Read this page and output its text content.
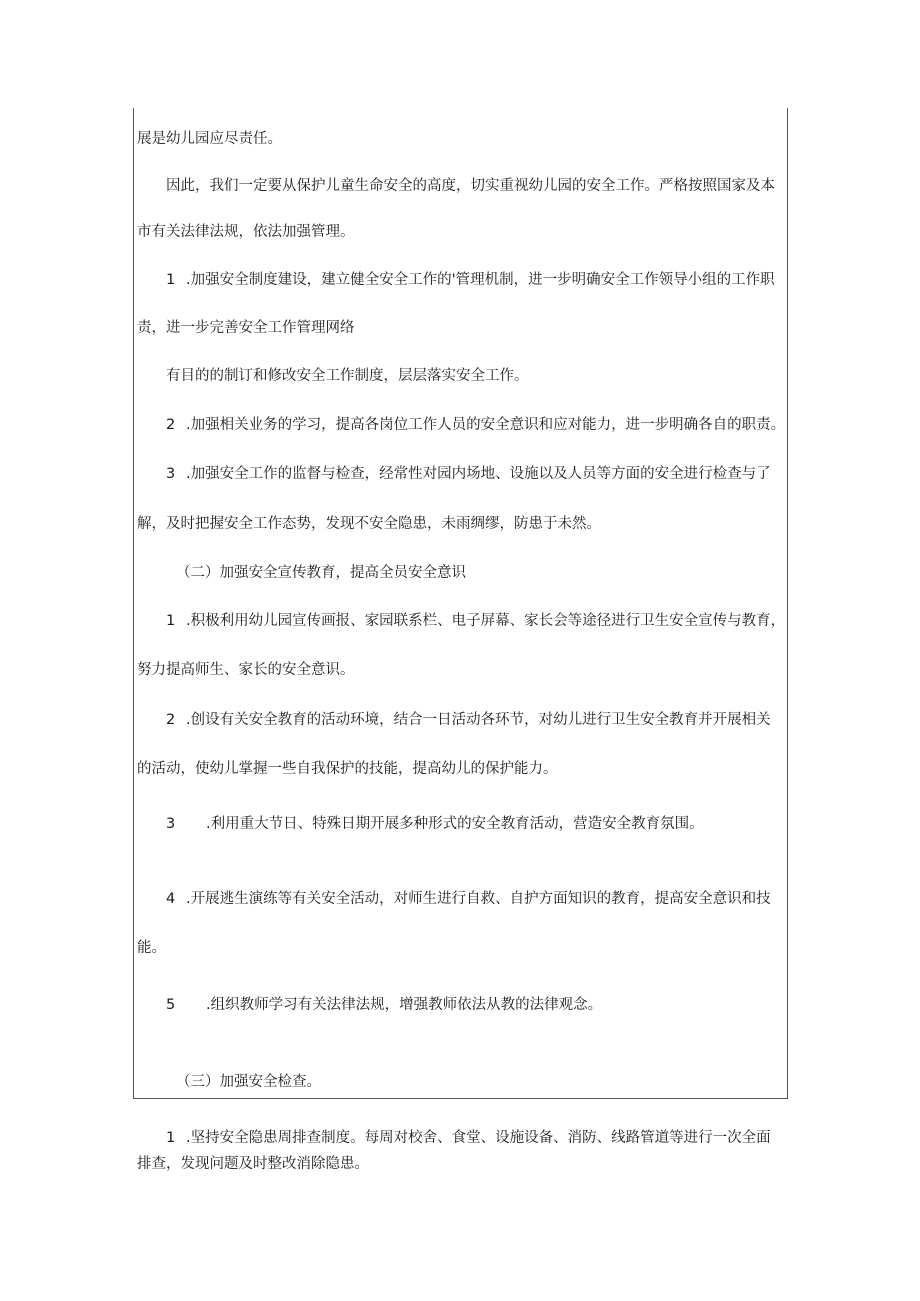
1
2
3
1
2
3
4
5
1
展是幼儿园应尽责任。
因此，我们一定要从保护儿童生命安全的高度，切实重视幼儿园的安全工作。严格按照国家及本
市有关法律法规，依法加强管理。
.加强安全制度建设，建立健全安全工作的'管理机制，进一步明确安全工作领导小组的工作职
责，进一步完善安全工作管理网络
有目的的制订和修改安全工作制度，层层落实安全工作。
.加强相关业务的学习，提高各岗位工作人员的安全意识和应对能力，进一步明确各自的职责。
.加强安全工作的监督与检查，经常性对园内场地、设施以及人员等方面的安全进行检查与了
解，及时把握安全工作态势，发现不安全隐患，未雨绸缪，防患于未然。
（二）加强安全宣传教育，提高全员安全意识
.积极利用幼儿园宣传画报、家园联系栏、电子屏幕、家长会等途径进行卫生安全宣传与教育，
努力提高师生、家长的安全意识。
.创设有关安全教育的活动环境，结合一日活动各环节，对幼儿进行卫生安全教育并开展相关
的活动，使幼儿掌握一些自我保护的技能，提高幼儿的保护能力。
.利用重大节日、特殊日期开展多种形式的安全教育活动，营造安全教育氛围。
.开展逃生演练等有关安全活动，对师生进行自救、自护方面知识的教育，提高安全意识和技
能。
.组织教师学习有关法律法规，增强教师依法从教的法律观念。
（三）加强安全检查。
.坚持安全隐患周排查制度。每周对校舍、食堂、设施设备、消防、线路管道等进行一次全面
排查，发现问题及时整改消除隐患。
